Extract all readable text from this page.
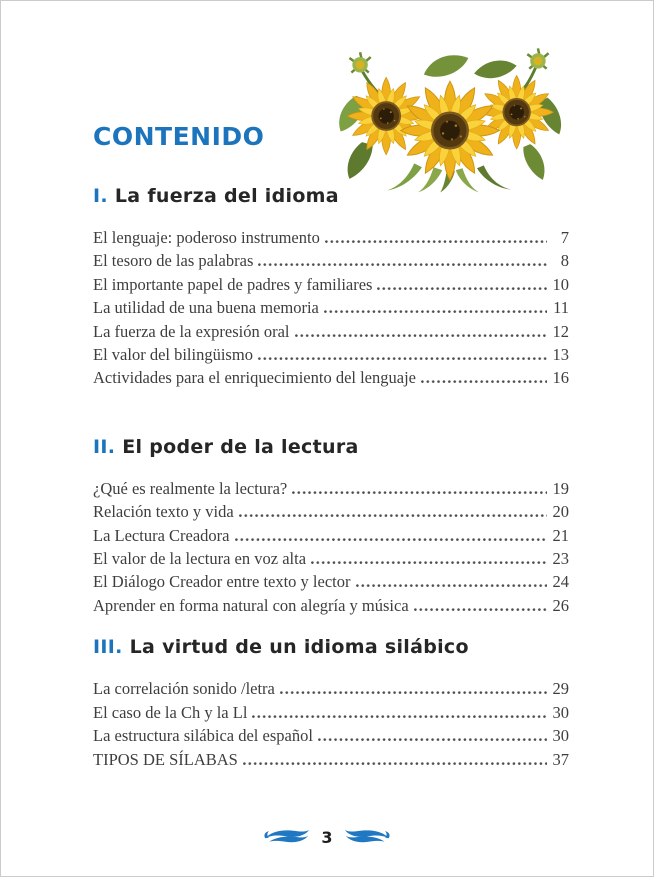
CONTENIDO
I. La fuerza del idioma
El lenguaje: poderoso instrumento	7
El tesoro de las palabras	8
El importante papel de padres y familiares	10
La utilidad de una buena memoria	11
La fuerza de la expresión oral	12
El valor del bilingüismo	13
Actividades para el enriquecimiento del lenguaje	16
II. El poder de la lectura
¿Qué es realmente la lectura?	19
Relación texto y vida	20
La Lectura Creadora	21
El valor de la lectura en voz alta	23
El Diálogo Creador entre texto y lector	24
Aprender en forma natural con alegría y música	26
III. La virtud de un idioma silábico
La correlación sonido /letra	29
El caso de la Ch y la Ll	30
La estructura silábica del español	30
TIPOS DE SÍLABAS	37
3
